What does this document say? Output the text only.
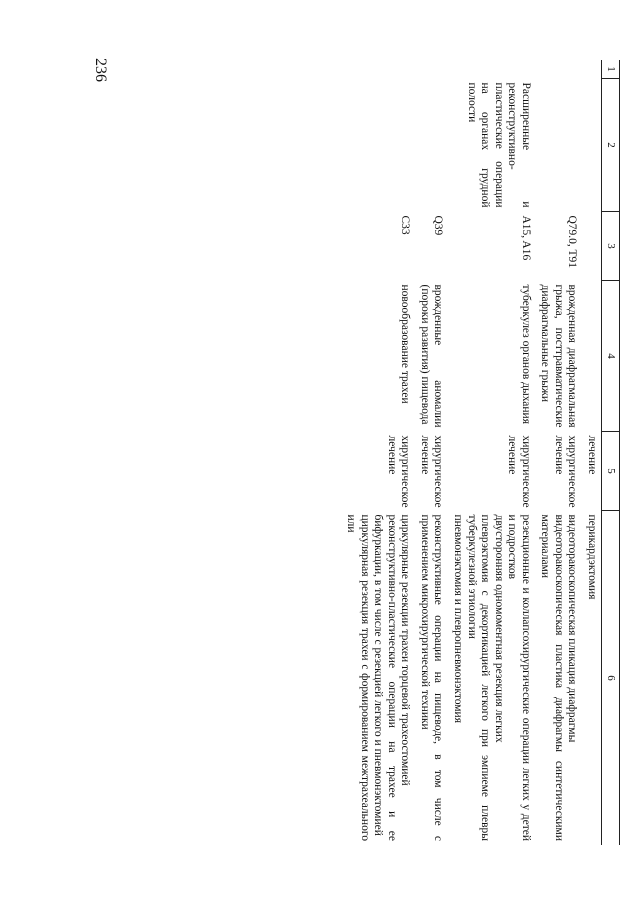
236	1	2	3	4	5	6
				лечение	перикардэктомия

		Q79.0, T91	врожденная диафрагмальная грыжа, посттравматические диафрагмальные грыжи	хирургическое лечение	видеоторакоскопическая пликация диафрагмы
видеоторакоскопическая пластика диафрагмы синтетическими материалами

	Расширенные и реконструктивно-пластические операции на органах грудной полости	A15, A16	туберкулез органов дыхания	хирургическое лечение	резекционные и коллапсохирургические операции легких у детей и подростков
двусторонняя одномоментная резекция легких
плеврэктомия с декортикацией легкого при эмпиеме плевры туберкулезной этиологии
пневмонэктомия и плевропневмонэктомия

		Q39	врожденные аномалии (пороки развития) пищевода	хирургическое лечение	реконструктивные операции на пищеводе, в том числе с применением микрохирургической техники

		C33	новообразование трахеи	хирургическое лечение	циркулярные резекции трахеи торцевой трахеостомией
реконструктивно-пластические операции на трахее и ее бифуркации, в том числе с резекцией легкого и пневмонэктомией
циркулярная резекция трахеи с формированием межтрахеального или
